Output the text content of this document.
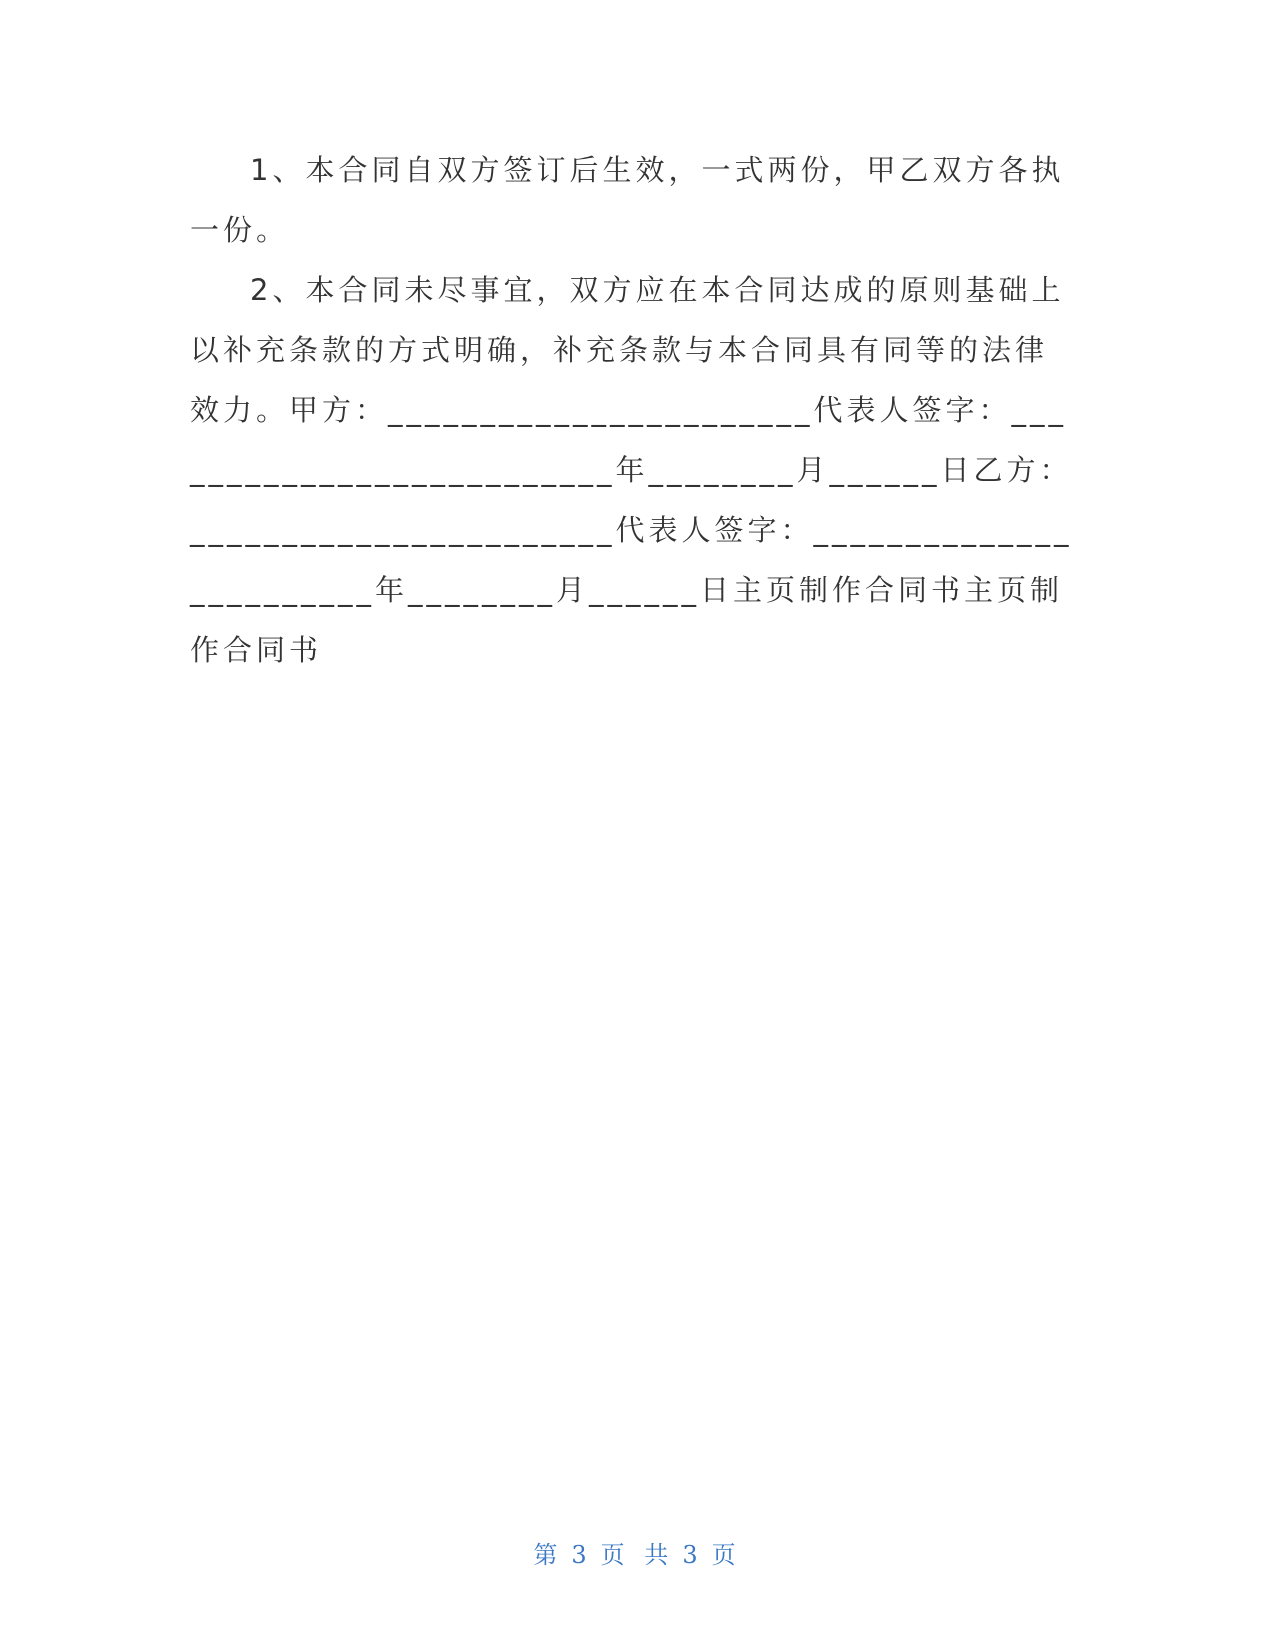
1、本合同自双方签订后生效，一式两份，甲乙双方各执一份。

2、本合同未尽事宜，双方应在本合同达成的原则基础上以补充条款的方式明确，补充条款与本合同具有同等的法律效力。甲方：_______________________代表人签字：__________________________年________月______日乙方：_______________________代表人签字：________________________年________月______日主页制作合同书主页制作合同书

第 3 页 共 3 页
